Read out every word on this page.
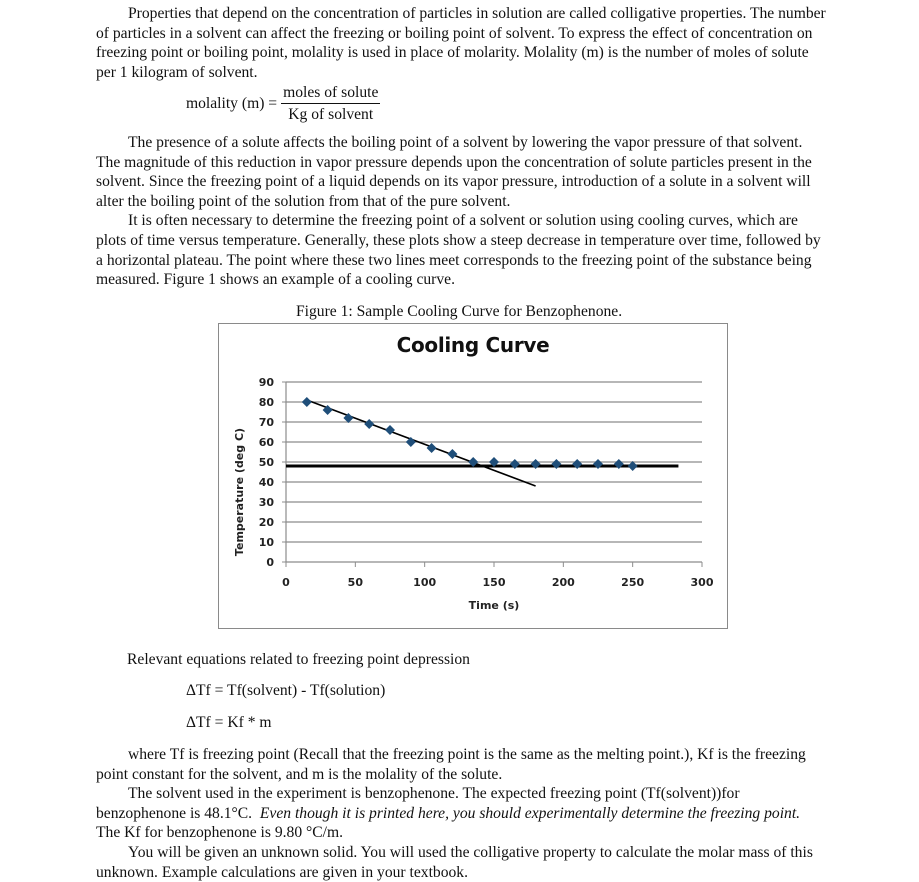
Properties that depend on the concentration of particles in solution are called colligative properties. The number of particles in a solvent can affect the freezing or boiling point of solvent. To express the effect of concentration on freezing point or boiling point, molality is used in place of molarity. Molality (m) is the number of moles of solute per 1 kilogram of solvent.

molality $(m) = \frac{\text{moles of solute}}{\text{Kg of solvent}}$

The presence of a solute affects the boiling point of a solvent by lowering the vapor pressure of that solvent. The magnitude of this reduction in vapor pressure depends upon the concentration of solute particles present in the solvent. Since the freezing point of a liquid depends on its vapor pressure, introduction of a solute in a solvent will alter the boiling point of the solution from that of the pure solvent.

It is often necessary to determine the freezing point of a solvent or solution using cooling curves, which are plots of time versus temperature. Generally, these plots show a steep decrease in temperature over time, followed by a horizontal plateau. The point where these two lines meet corresponds to the freezing point of the substance being measured. Figure 1 shows an example of a cooling curve.

Figure 1: Sample Cooling Curve for Benzophenone.
Cooling Curve
0
10
20
30
40
50
60
70
80
90
0	50	100	150	200	250	300
Time (s)
Temperature (deg C)
Relevant equations related to freezing point depression
ΔTf = Tf(solvent) - Tf(solution)
ΔTf = Kf * m

where Tf is freezing point (Recall that the freezing point is the same as the melting point.), Kf is the freezing point constant for the solvent, and m is the molality of the solute.

The solvent used in the experiment is benzophenone. The expected freezing point (Tf(solvent))for benzophenone is 48.1°C. Even though it is printed here, you should experimentally determine the freezing point.  The Kf for benzophenone is 9.80 °C/m.

You will be given an unknown solid. You will used the colligative property to calculate the molar mass of this unknown. Example calculations are given in your textbook.
